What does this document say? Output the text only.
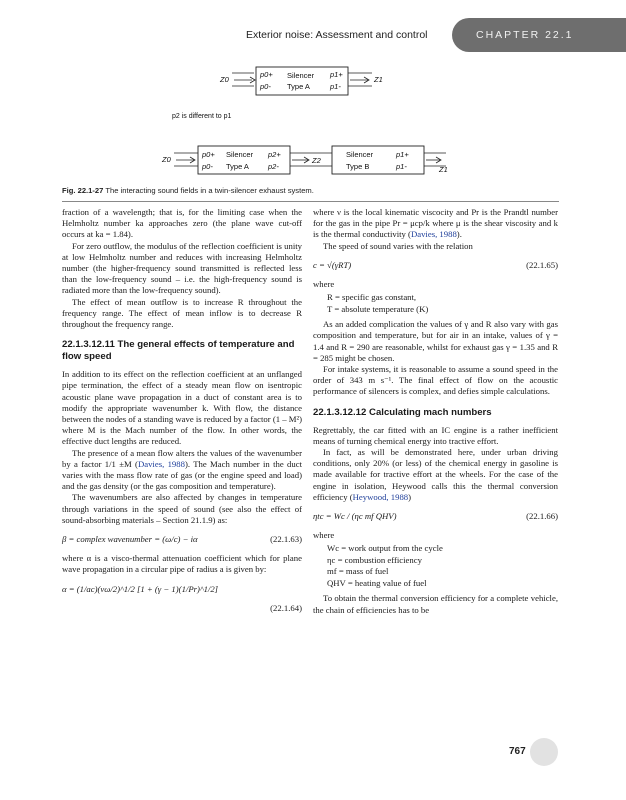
Exterior noise: Assessment and control	CHAPTER 22.1
Z0
p0+
p0-
Silencer
Type A
p1+
p1-
Z1
p2 is different to p1
Z0
p0+
p0-
Silencer
Type A
p2+
p2-
Z2
Silencer
Type B
p1+
p1-	Z1
Fig. 22.1-27 The interacting sound fields in a twin-silencer exhaust system.

fraction of a wavelength; that is, for the limiting case when the Helmholtz number ka approaches zero (the plane wave cut-off occurs at ka = 1.84).

For zero outflow, the modulus of the reflection coefficient is unity at low Helmholtz number and reduces with increasing Helmholtz number (the higher-frequency sound transmitted is reflected less than the low-frequency sound – i.e. the high-frequency sound is radiated more than the low-frequency sound).

The effect of mean outflow is to increase R throughout the frequency range. The effect of mean inflow is to decrease R throughout the frequency range.

22.1.3.12.11 The general effects of temperature and flow speed

In addition to its effect on the reflection coefficient at an unflanged pipe termination, the effect of a steady mean flow on isentropic acoustic plane wave propagation in a duct of constant area is to modify the appropriate wavenumber k. With flow, the distance between the nodes of a standing wave is reduced by a factor (1 – M²) where M is the Mach number of the flow. In other words, the effective duct lengths are reduced.

The presence of a mean flow alters the values of the wavenumber by a factor 1/1 ±M (Davies, 1988). The Mach number in the duct varies with the mass flow rate of gas (or the engine speed and load) and the gas density (or the gas composition and temperature).

The wavenumbers are also affected by changes in temperature through variations in the speed of sound (see also the effect of sound-absorbing materials – Section 21.1.9) as:

β = complex wavenumber = (ω/c) − iα	(22.1.63)

where α is a visco-thermal attenuation coefficient which for plane wave propagation in a circular pipe of radius a is given by:

α = (1/ac)(νω/2)^1/2 [1 + (γ − 1)(1/Pr)^1/2]
(22.1.64)

where ν is the local kinematic viscocity and Pr is the Prandtl number for the gas in the pipe Pr = μcp/k where μ is the shear viscosity and k is the thermal conductivity (Davies, 1988).

The speed of sound varies with the relation

c = √(γRT)	(22.1.65)

where

R = specific gas constant,
T = absolute temperature (K)

As an added complication the values of γ and R also vary with gas composition and temperature, but for air in an intake, values of γ = 1.4 and R = 290 are reasonable, whilst for exhaust gas γ = 1.35 and R = 285 might be chosen.

For intake systems, it is reasonable to assume a sound speed in the order of 343 m s⁻¹. The final effect of flow on the acoustic performance of silencers is complex, and defies simple calculations.

22.1.3.12.12 Calculating mach numbers

Regrettably, the car fitted with an IC engine is a rather inefficient means of turning chemical energy into tractive effort.

In fact, as will be demonstrated here, under urban driving conditions, only 20% (or less) of the chemical energy in gasoline is made available for tractive effort at the wheels. For the case of the engine in isolation, Heywood calls this the thermal conversion efficiency (Heywood, 1988)

ηtc = Wc / (ηc mf QHV)	(22.1.66)

where

Wc = work output from the cycle
ηc = combustion efficiency
mf = mass of fuel
QHV = heating value of fuel

To obtain the thermal conversion efficiency for a complete vehicle, the chain of efficiencies has to be

767
